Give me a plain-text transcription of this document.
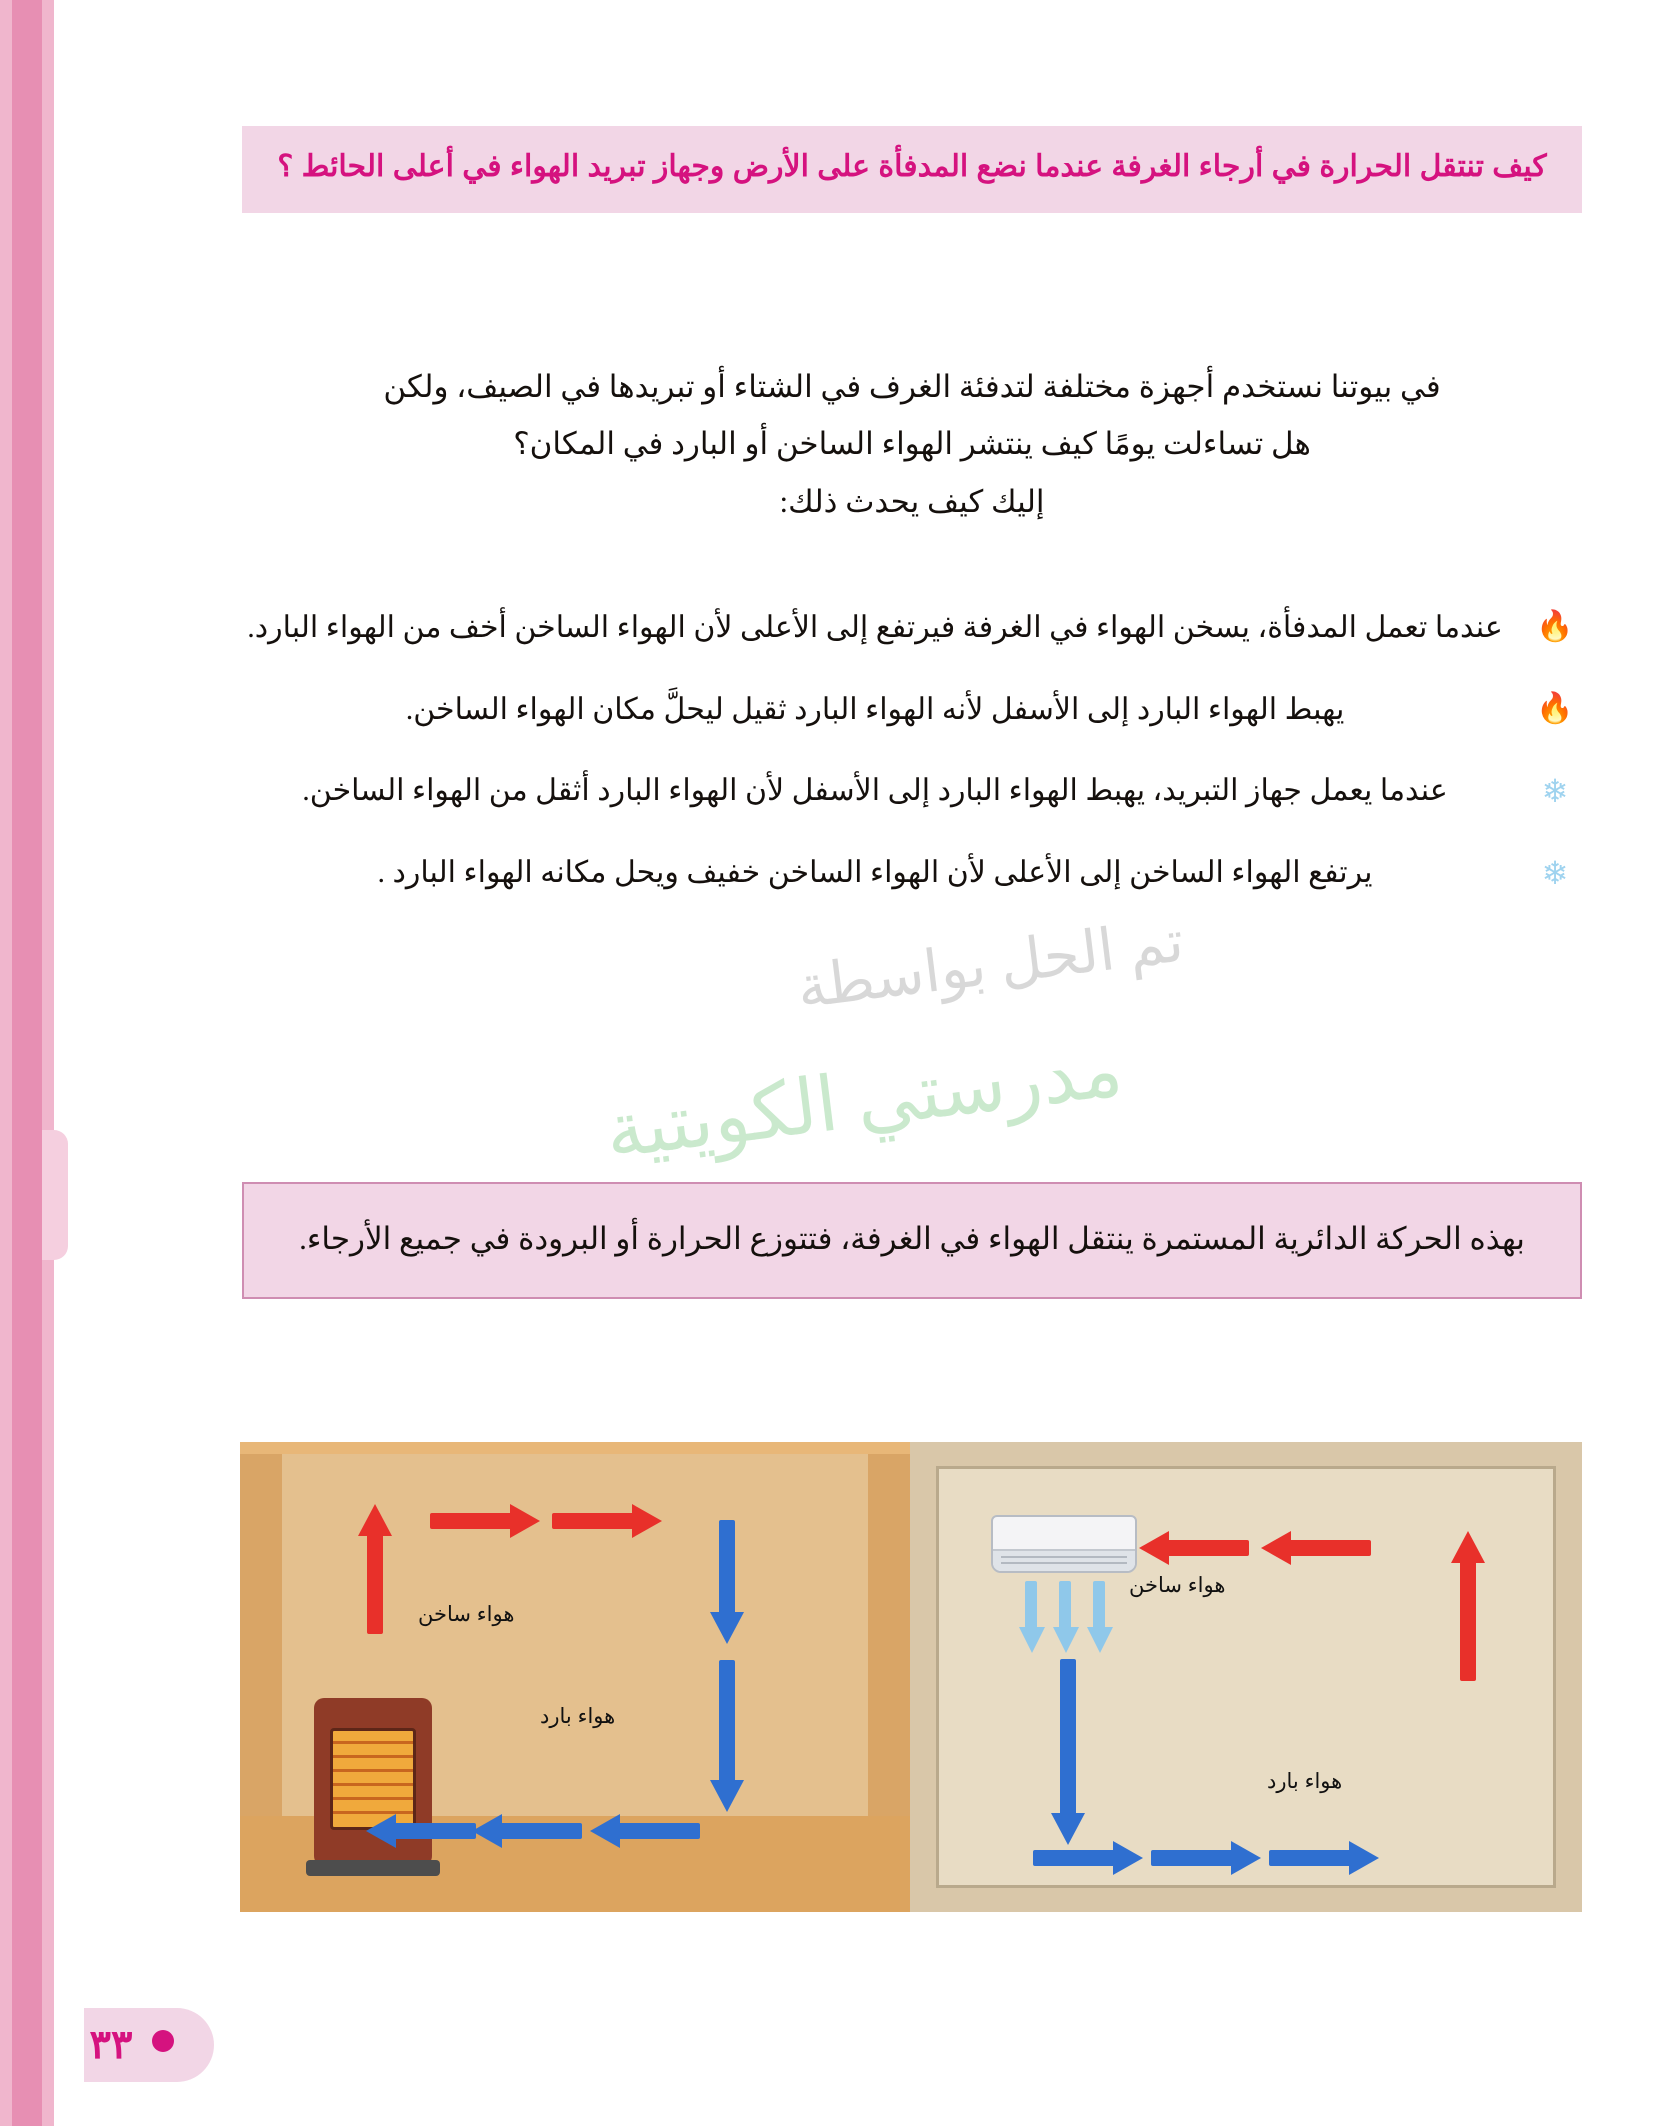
كيف تنتقل الحرارة في أرجاء الغرفة عندما نضع المدفأة على الأرض وجهاز تبريد الهواء في أعلى الحائط ؟
في بيوتنا نستخدم أجهزة مختلفة لتدفئة الغرف في الشتاء أو تبريدها في الصيف، ولكن
هل تساءلت يومًا كيف ينتشر الهواء الساخن أو البارد في المكان؟
إليك كيف يحدث ذلك:
🔥
عندما تعمل المدفأة، يسخن الهواء في الغرفة فيرتفع إلى الأعلى لأن الهواء الساخن أخف من الهواء البارد.
🔥
يهبط الهواء البارد إلى الأسفل لأنه الهواء البارد ثقيل ليحلَّ مكان الهواء الساخن.
❄
عندما يعمل جهاز التبريد، يهبط الهواء البارد إلى الأسفل لأن الهواء البارد أثقل من الهواء الساخن.
❄
يرتفع الهواء الساخن إلى الأعلى لأن الهواء الساخن خفيف ويحل مكانه الهواء البارد .
بهذه الحركة الدائرية المستمرة ينتقل الهواء في الغرفة، فتتوزع الحرارة أو البرودة في جميع الأرجاء.
هواء ساخن
هواء بارد
هواء ساخن
هواء بارد
تم الحل بواسطة
مدرستي الكويتية
٣٣
